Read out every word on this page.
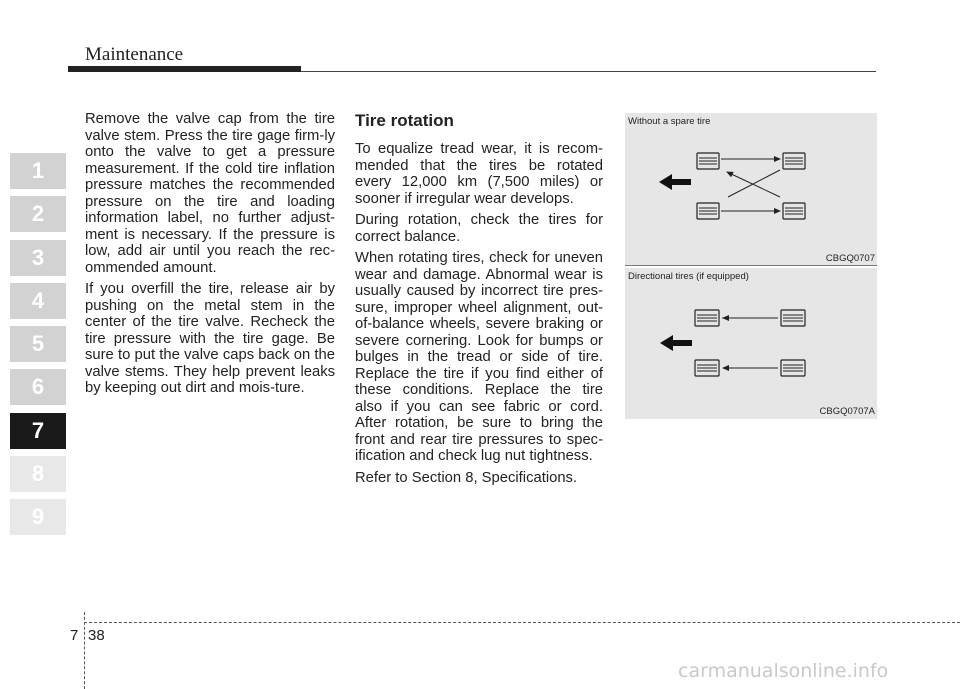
Maintenance
1
2
3
4
5
6
7
8
9

Remove the valve cap from the tire valve stem. Press the tire gage firm-ly onto the valve to get a pressure measurement. If the cold tire inflation pressure matches the recommended pressure on the tire and loading information label, no further adjust-ment is necessary. If the pressure is low, add air until you reach the rec-ommended amount.

If you overfill the tire, release air by pushing on the metal stem in the center of the tire valve. Recheck the tire pressure with the tire gage. Be sure to put the valve caps back on the valve stems. They help prevent leaks by keeping out dirt and mois-ture.

Tire rotation

To equalize tread wear, it is recom-mended that the tires be rotated every 12,000 km (7,500 miles) or sooner if irregular wear develops.

During rotation, check the tires for correct balance.

When rotating tires, check for uneven wear and damage. Abnormal wear is usually caused by incorrect tire pres-sure, improper wheel alignment, out-of-balance wheels, severe braking or severe cornering. Look for bumps or bulges in the tread or side of tire. Replace the tire if you find either of these conditions. Replace the tire also if you can see fabric or cord. After rotation, be sure to bring the front and rear tire pressures to spec-ification and check lug nut tightness.

Refer to Section 8, Specifications.

Without a spare tire
CBGQ0707
Directional tires (if equipped)
CBGQ0707A
7 38
carmanualsonline.info
